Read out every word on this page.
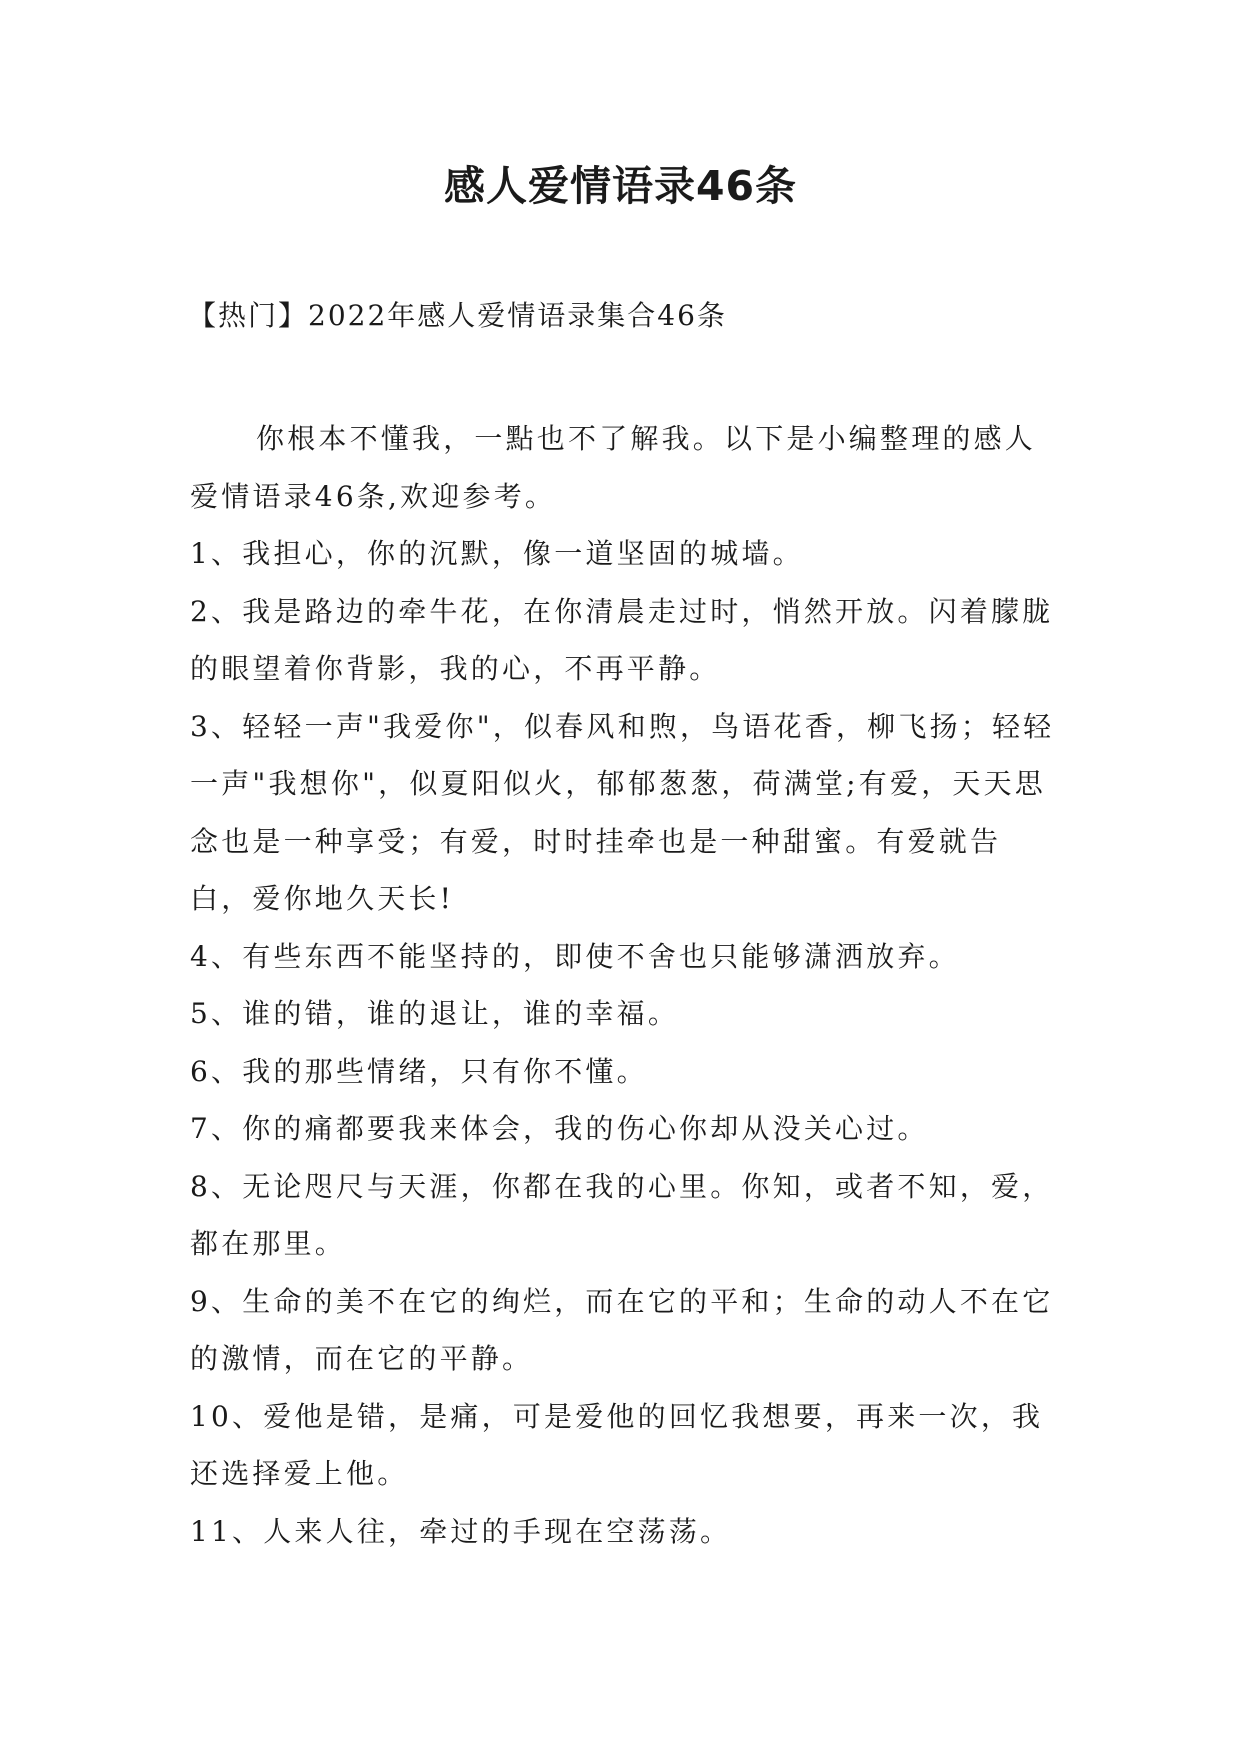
感人爱情语录46条

【热门】2022年感人爱情语录集合46条

你根本不懂我，一點也不了解我。以下是小编整理的感人爱情语录46条,欢迎参考。

1、我担心，你的沉默，像一道坚固的城墙。

2、我是路边的牵牛花，在你清晨走过时，悄然开放。闪着朦胧的眼望着你背影，我的心，不再平静。

3、轻轻一声"我爱你"，似春风和煦，鸟语花香，柳飞扬；轻轻一声"我想你"，似夏阳似火，郁郁葱葱，荷满堂;有爱，天天思念也是一种享受；有爱，时时挂牵也是一种甜蜜。有爱就告白，爱你地久天长!

4、有些东西不能坚持的，即使不舍也只能够潇洒放弃。

5、谁的错，谁的退让，谁的幸福。

6、我的那些情绪，只有你不懂。

7、你的痛都要我来体会，我的伤心你却从没关心过。

8、无论咫尺与天涯，你都在我的心里。你知，或者不知，爱，都在那里。

9、生命的美不在它的绚烂，而在它的平和；生命的动人不在它的激情，而在它的平静。

10、爱他是错，是痛，可是爱他的回忆我想要，再来一次，我还选择爱上他。

11、人来人往，牵过的手现在空荡荡。
